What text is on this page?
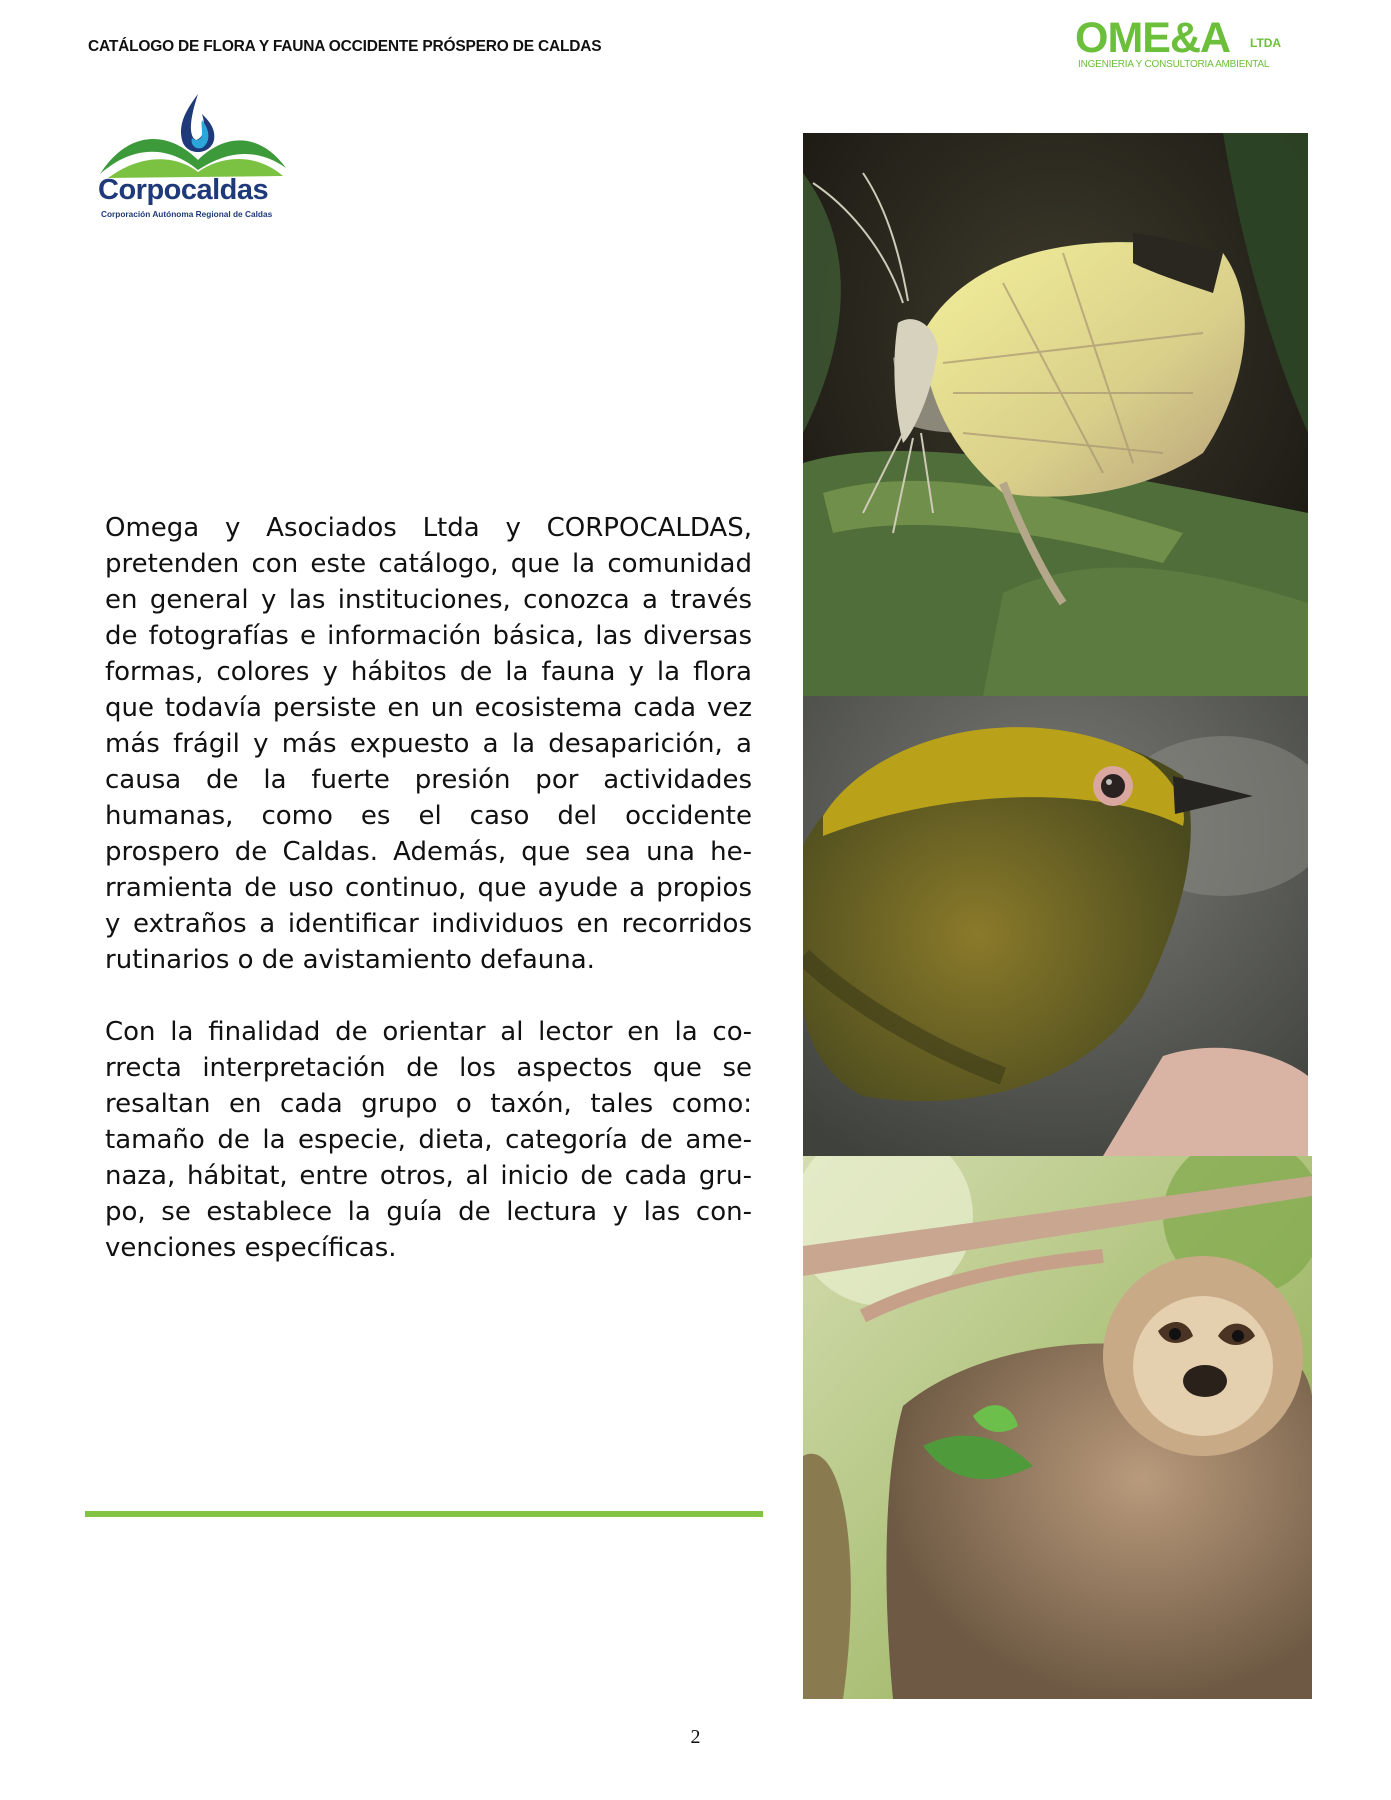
CATÁLOGO DE FLORA Y FAUNA OCCIDENTE PRÓSPERO DE CALDAS	OME&A LTDA
INGENIERIA Y CONSULTORIA AMBIENTAL
Corpocaldas
Corporación Autónoma Regional de Caldas

Omega y Asociados Ltda y CORPOCALDAS, pretenden con este catálogo, que la comunidad en general y las instituciones, conozca a través de fotografías e información básica, las diversas formas, colores y hábitos de la fauna y la flora que todavía persiste en un ecosistema cada vez más frágil y más expuesto a la desaparición, a causa de la fuerte presión por actividades humanas, como es el caso del occidente prospero de Caldas. Además, que sea una herramienta de uso continuo, que ayude a propios y extraños a identificar individuos en recorridos rutinarios o de avistamiento defauna.

Con la finalidad de orientar al lector en la correcta interpretación de los aspectos que se resaltan en cada grupo o taxón, tales como: tamaño de la especie, dieta, categoría de amenaza, hábitat, entre otros, al inicio de cada grupo, se establece la guía de lectura y las convenciones específicas.

2
